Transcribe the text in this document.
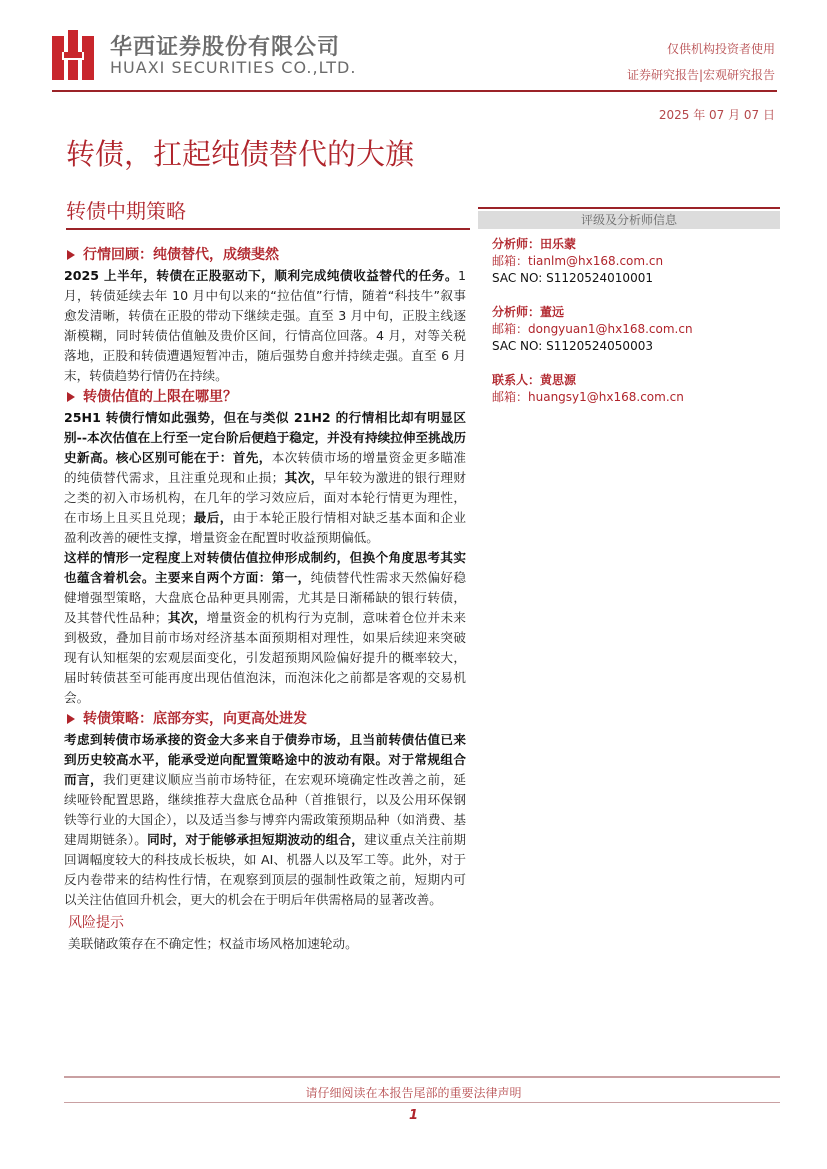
华西证券股份有限公司
HUAXI SECURITIES CO.,LTD.
仅供机构投资者使用
证券研究报告|宏观研究报告
2025 年 07 月 07 日
转债，扛起纯债替代的大旗
转债中期策略

行情回顾：纯债替代，成绩斐然

2025 上半年，转债在正股驱动下，顺利完成纯债收益替代的任务。1 月，转债延续去年 10 月中旬以来的“拉估值”行情，随着“科技牛”叙事愈发清晰，转债在正股的带动下继续走强。直至 3 月中旬，正股主线逐渐模糊，同时转债估值触及贵价区间，行情高位回落。4 月，对等关税落地，正股和转债遭遇短暂冲击，随后强势自愈并持续走强。直至 6 月末，转债趋势行情仍在持续。

转债估值的上限在哪里？

25H1 转债行情如此强势，但在与类似 21H2 的行情相比却有明显区别--本次估值在上行至一定台阶后便趋于稳定，并没有持续拉伸至挑战历史新高。核心区别可能在于：首先，本次转债市场的增量资金更多瞄准的纯债替代需求，且注重兑现和止损；其次，早年较为激进的银行理财之类的初入市场机构，在几年的学习效应后，面对本轮行情更为理性，在市场上且买且兑现；最后，由于本轮正股行情相对缺乏基本面和企业盈利改善的硬性支撑，增量资金在配置时收益预期偏低。

这样的情形一定程度上对转债估值拉伸形成制约，但换个角度思考其实也蕴含着机会。主要来自两个方面：第一，纯债替代性需求天然偏好稳健增强型策略，大盘底仓品种更具刚需，尤其是日渐稀缺的银行转债，及其替代性品种；其次，增量资金的机构行为克制，意味着仓位并未来到极致，叠加目前市场对经济基本面预期相对理性，如果后续迎来突破现有认知框架的宏观层面变化，引发超预期风险偏好提升的概率较大，届时转债甚至可能再度出现估值泡沫，而泡沫化之前都是客观的交易机会。

转债策略：底部夯实，向更高处进发

考虑到转债市场承接的资金大多来自于债券市场，且当前转债估值已来到历史较高水平，能承受逆向配置策略途中的波动有限。对于常规组合而言，我们更建议顺应当前市场特征，在宏观环境确定性改善之前，延续哑铃配置思路，继续推荐大盘底仓品种（首推银行，以及公用环保钢铁等行业的大国企），以及适当参与博弈内需政策预期品种（如消费、基建周期链条）。同时，对于能够承担短期波动的组合，建议重点关注前期回调幅度较大的科技成长板块，如 AI、机器人以及军工等。此外，对于反内卷带来的结构性行情，在观察到顶层的强制性政策之前，短期内可以关注估值回升机会，更大的机会在于明后年供需格局的显著改善。

风险提示

美联储政策存在不确定性；权益市场风格加速轮动。

评级及分析师信息

分析师：田乐蒙

邮箱：tianlm@hx168.com.cn

SAC NO: S1120524010001

分析师：董远

邮箱：dongyuan1@hx168.com.cn

SAC NO: S1120524050003

联系人：黄思源

邮箱：huangsy1@hx168.com.cn

请仔细阅读在本报告尾部的重要法律声明
1
